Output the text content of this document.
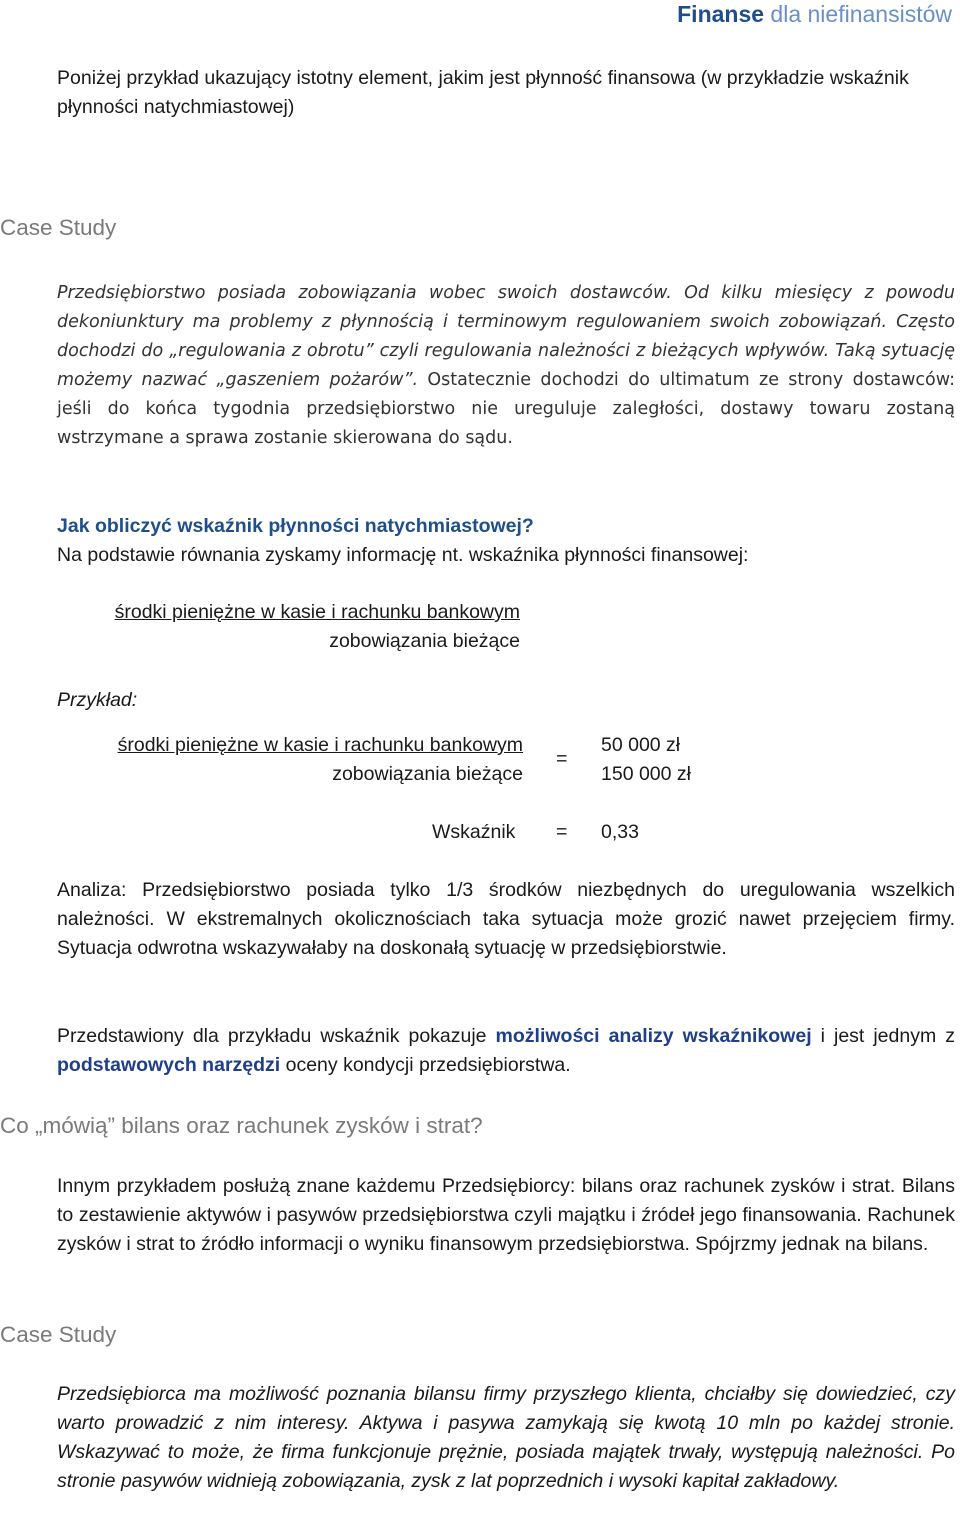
Finanse dla niefinansistów
Poniżej przykład ukazujący istotny element, jakim jest płynność finansowa (w przykładzie wskaźnik płynności natychmiastowej)
Case Study
Przedsiębiorstwo posiada zobowiązania wobec swoich dostawców. Od kilku miesięcy z powodu dekoniunktury ma problemy z płynnością i terminowym regulowaniem swoich zobowiązań. Często dochodzi do „regulowania z obrotu” czyli regulowania należności z bieżących wpływów. Taką sytuację możemy nazwać „gaszeniem pożarów”. Ostatecznie dochodzi do ultimatum ze strony dostawców: jeśli do końca tygodnia przedsiębiorstwo nie ureguluje zaległości, dostawy towaru zostaną wstrzymane a sprawa zostanie skierowana do sądu.
Jak obliczyć wskaźnik płynności natychmiastowej?
Na podstawie równania zyskamy informację nt. wskaźnika płynności finansowej:
środki pieniężne w kasie i rachunku bankowym
zobowiązania bieżące
Przykład:
środki pieniężne w kasie i rachunku bankowym
zobowiązania bieżące
=
50 000 zł
150 000 zł
Wskaźnik = 0,33
Analiza: Przedsiębiorstwo posiada tylko 1/3 środków niezbędnych do uregulowania wszelkich należności. W ekstremalnych okolicznościach taka sytuacja może grozić nawet przejęciem firmy. Sytuacja odwrotna wskazywałaby na doskonałą sytuację w przedsiębiorstwie.
Przedstawiony dla przykładu wskaźnik pokazuje możliwości analizy wskaźnikowej i jest jednym z podstawowych narzędzi oceny kondycji przedsiębiorstwa.
Co „mówią” bilans oraz rachunek zysków i strat?
Innym przykładem posłużą znane każdemu Przedsiębiorcy: bilans oraz rachunek zysków i strat. Bilans to zestawienie aktywów i pasywów przedsiębiorstwa czyli majątku i źródeł jego finansowania. Rachunek zysków i strat to źródło informacji o wyniku finansowym przedsiębiorstwa. Spójrzmy jednak na bilans.
Case Study
Przedsiębiorca ma możliwość poznania bilansu firmy przyszłego klienta, chciałby się dowiedzieć, czy warto prowadzić z nim interesy. Aktywa i pasywa zamykają się kwotą 10 mln po każdej stronie. Wskazywać to może, że firma funkcjonuje prężnie, posiada majątek trwały, występują należności. Po stronie pasywów widnieją zobowiązania, zysk z lat poprzednich i wysoki kapitał zakładowy.
